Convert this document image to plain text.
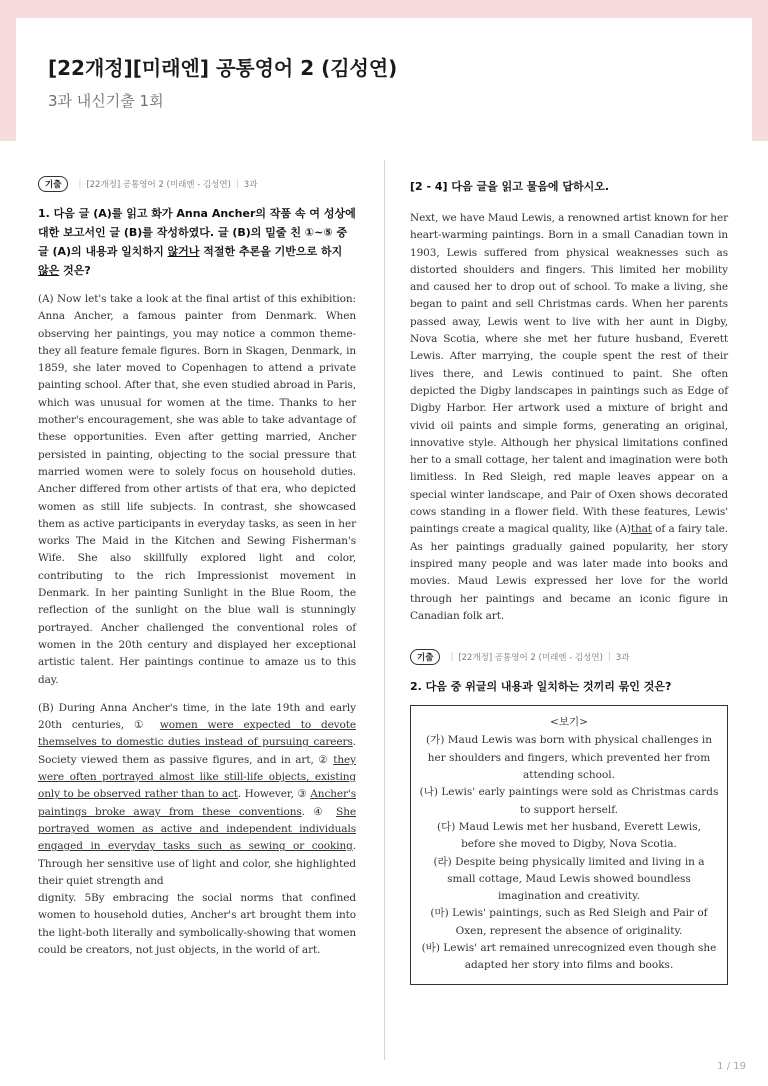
[22개정][미래엔] 공통영어 2 (김성연)
3과 내신기출 1회
기출	| [22개정] 공통영어 2 (미래엔 - 김성연) | 3과
1. 다음 글 (A)를 읽고 화가 Anna Ancher의 작품 속 여 성상에 대한 보고서인 글 (B)를 작성하였다. 글 (B)의 밑줄 친 ①~⑤ 중 글 (A)의 내용과 일치하지 않거나 적절한 추론을 기반으로 하지 않은 것은?

(A) Now let's take a look at the final artist of this exhibition: Anna Ancher, a famous painter from Denmark. When observing her paintings, you may notice a common theme-they all feature female figures. Born in Skagen, Denmark, in 1859, she later moved to Copenhagen to attend a private painting school. After that, she even studied abroad in Paris, which was unusual for women at the time. Thanks to her mother's encouragement, she was able to take advantage of these opportunities. Even after getting married, Ancher persisted in painting, objecting to the social pressure that married women were to solely focus on household duties. Ancher differed from other artists of that era, who depicted women as still life subjects. In contrast, she showcased them as active participants in everyday tasks, as seen in her works The Maid in the Kitchen and Sewing Fisherman's Wife. She also skillfully explored light and color, contributing to the rich Impressionist movement in Denmark. In her painting Sunlight in the Blue Room, the reflection of the sunlight on the blue wall is stunningly portrayed. Ancher challenged the conventional roles of women in the 20th century and displayed her exceptional artistic talent. Her paintings continue to amaze us to this day.

(B) During Anna Ancher's time, in the late 19th and early 20th centuries, ① women were expected to devote themselves to domestic duties instead of pursuing careers. Society viewed them as passive figures, and in art, ② they were often portrayed almost like still-life objects, existing only to be observed rather than to act. However, ③ Ancher's paintings broke away from these conventions. ④ She portrayed women as active and independent individuals engaged in everyday tasks such as sewing or cooking. Through her sensitive use of light and color, she highlighted their quiet strength and

dignity. 5By embracing the social norms that confined women to household duties, Ancher's art brought them into the light-both literally and symbolically-showing that women could be creators, not just objects, in the world of art.

[2 - 4] 다음 글을 읽고 물음에 답하시오.

Next, we have Maud Lewis, a renowned artist known for her heart-warming paintings. Born in a small Canadian town in 1903, Lewis suffered from physical weaknesses such as distorted shoulders and fingers. This limited her mobility and caused her to drop out of school. To make a living, she began to paint and sell Christmas cards. When her parents passed away, Lewis went to live with her aunt in Digby, Nova Scotia, where she met her future husband, Everett Lewis. After marrying, the couple spent the rest of their lives there, and Lewis continued to paint. She often depicted the Digby landscapes in paintings such as Edge of Digby Harbor. Her artwork used a mixture of bright and vivid oil paints and simple forms, generating an original, innovative style. Although her physical limitations confined her to a small cottage, her talent and imagination were both limitless. In Red Sleigh, red maple leaves appear on a special winter landscape, and Pair of Oxen shows decorated cows standing in a flower field. With these features, Lewis' paintings create a magical quality, like (A)that of a fairy tale. As her paintings gradually gained popularity, her story inspired many people and was later made into books and movies. Maud Lewis expressed her love for the world through her paintings and became an iconic figure in Canadian folk art.

기출	| [22개정] 공통영어 2 (미래엔 - 김성연) | 3과
2. 다음 중 위글의 내용과 일치하는 것끼리 묶인 것은?
<보기>
(가) Maud Lewis was born with physical challenges in her shoulders and fingers, which prevented her from attending school.
(나) Lewis' early paintings were sold as Christmas cards to support herself.
(다) Maud Lewis met her husband, Everett Lewis, before she moved to Digby, Nova Scotia.
(라) Despite being physically limited and living in a small cottage, Maud Lewis showed boundless imagination and creativity.
(마) Lewis' paintings, such as Red Sleigh and Pair of Oxen, represent the absence of originality.
(바) Lewis' art remained unrecognized even though she adapted her story into films and books.
1 / 19
